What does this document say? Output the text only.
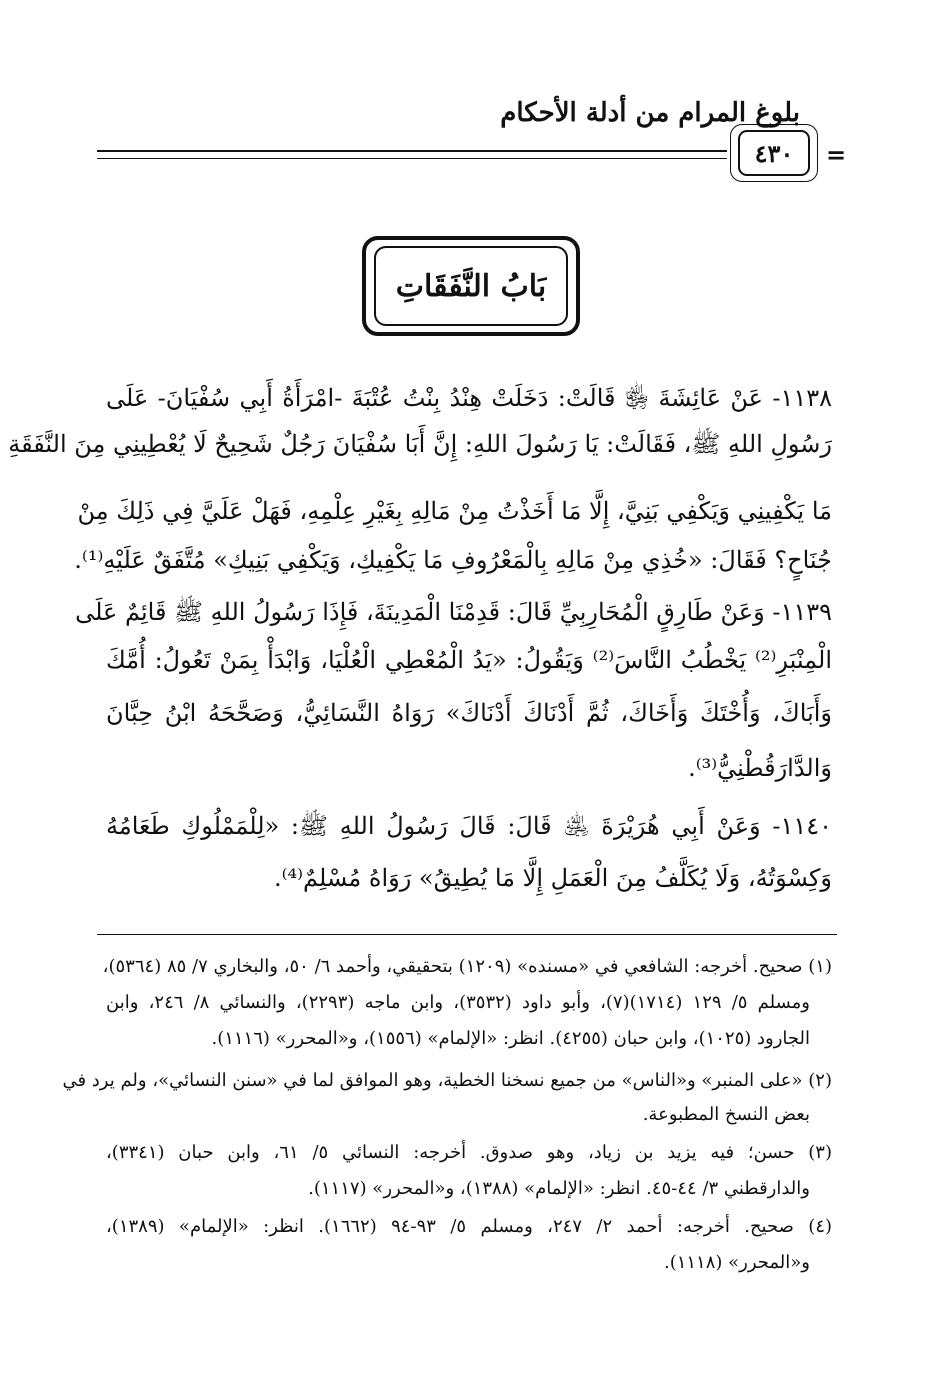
بلوغ المرام من أدلة الأحكام
٤٣٠	=
بَابُ النَّفَقَاتِ
١١٣٨- عَنْ عَائِشَةَ ﵂ قَالَتْ: دَخَلَتْ هِنْدُ بِنْتُ عُتْبَةَ -امْرَأَةُ أَبِي سُفْيَانَ- عَلَى
رَسُولِ اللهِ ﷺ، فَقَالَتْ: يَا رَسُولَ اللهِ: إِنَّ أَبَا سُفْيَانَ رَجُلٌ شَحِيحٌ لَا يُعْطِينِي مِنَ النَّفَقَةِ
مَا يَكْفِينِي وَيَكْفِي بَنِيَّ، إِلَّا مَا أَخَذْتُ مِنْ مَالِهِ بِغَيْرِ عِلْمِهِ، فَهَلْ عَلَيَّ فِي ذَلِكَ مِنْ
جُنَاحٍ؟ فَقَالَ: «خُذِي مِنْ مَالِهِ بِالْمَعْرُوفِ مَا يَكْفِيكِ، وَيَكْفِي بَنِيكِ» مُتَّفَقٌ عَلَيْهِ⁽¹⁾.
١١٣٩- وَعَنْ طَارِقٍ الْمُحَارِبِيِّ قَالَ: قَدِمْنَا الْمَدِينَةَ، فَإِذَا رَسُولُ اللهِ ﷺ قَائِمٌ عَلَى
الْمِنْبَرِ⁽²⁾ يَخْطُبُ النَّاسَ⁽²⁾ وَيَقُولُ: «يَدُ الْمُعْطِي الْعُلْيَا، وَابْدَأْ بِمَنْ تَعُولُ: أُمَّكَ
وَأَبَاكَ، وَأُخْتَكَ وَأَخَاكَ، ثُمَّ أَدْنَاكَ أَدْنَاكَ» رَوَاهُ النَّسَائِيُّ، وَصَحَّحَهُ ابْنُ حِبَّانَ
وَالدَّارَقُطْنِيُّ⁽³⁾.
١١٤٠- وَعَنْ أَبِي هُرَيْرَةَ ﵁ قَالَ: قَالَ رَسُولُ اللهِ ﷺ: «لِلْمَمْلُوكِ طَعَامُهُ
وَكِسْوَتُهُ، وَلَا يُكَلَّفُ مِنَ الْعَمَلِ إِلَّا مَا يُطِيقُ» رَوَاهُ مُسْلِمٌ⁽⁴⁾.
(١) صحيح. أخرجه: الشافعي في «مسنده» (١٢٠٩) بتحقيقي، وأحمد ٦/ ٥٠، والبخاري ٧/ ٨٥ (٥٣٦٤)،
ومسلم ٥/ ١٢٩ (١٧١٤)(٧)، وأبو داود (٣٥٣٢)، وابن ماجه (٢٢٩٣)، والنسائي ٨/ ٢٤٦، وابن
الجارود (١٠٢٥)، وابن حبان (٤٢٥٥). انظر: «الإلمام» (١٥٥٦)، و«المحرر» (١١١٦).
(٢) «على المنبر» و«الناس» من جميع نسخنا الخطية، وهو الموافق لما في «سنن النسائي»، ولم يرد في
بعض النسخ المطبوعة.
(٣) حسن؛ فيه يزيد بن زياد، وهو صدوق. أخرجه: النسائي ٥/ ٦١، وابن حبان (٣٣٤١)،
والدارقطني ٣/ ٤٤-٤٥. انظر: «الإلمام» (١٣٨٨)، و«المحرر» (١١١٧).
(٤) صحيح. أخرجه: أحمد ٢/ ٢٤٧، ومسلم ٥/ ٩٣-٩٤ (١٦٦٢). انظر: «الإلمام» (١٣٨٩)،
و«المحرر» (١١١٨).
